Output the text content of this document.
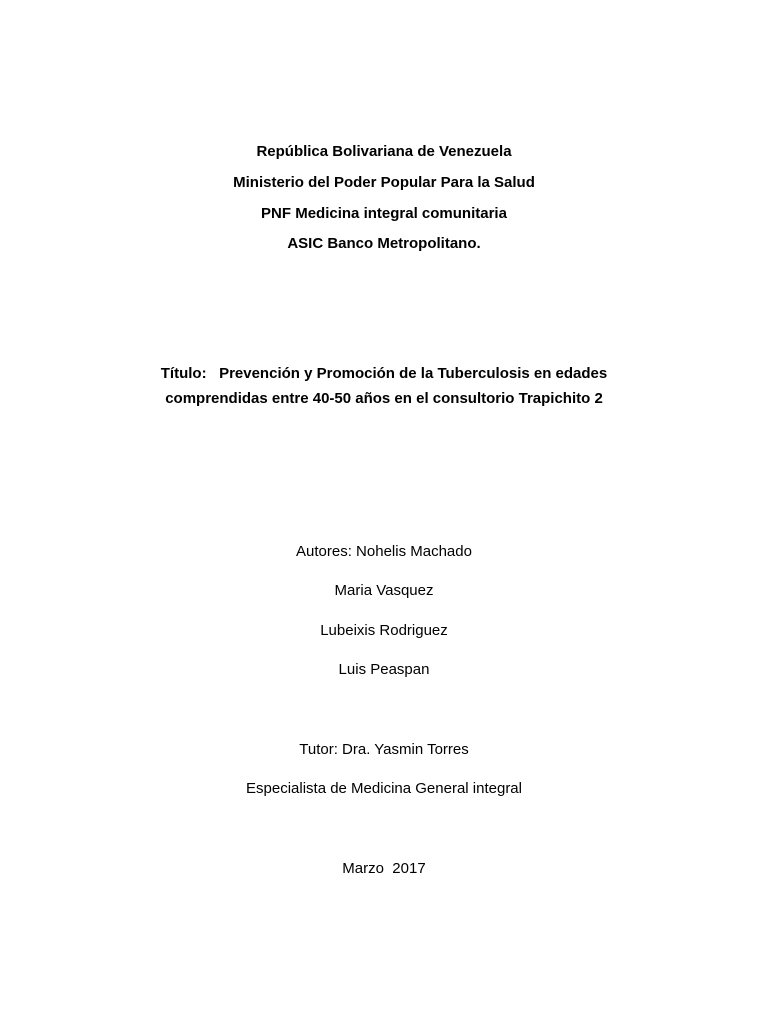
República Bolivariana de Venezuela
Ministerio del Poder Popular Para la Salud
PNF Medicina integral comunitaria
ASIC Banco Metropolitano.
Título:   Prevención y Promoción de la Tuberculosis en edades
comprendidas entre 40-50 años en el consultorio Trapichito 2
Autores: Nohelis Machado
Maria Vasquez
Lubeixis Rodriguez
Luis Peaspan
Tutor: Dra. Yasmin Torres
Especialista de Medicina General integral
Marzo  2017
